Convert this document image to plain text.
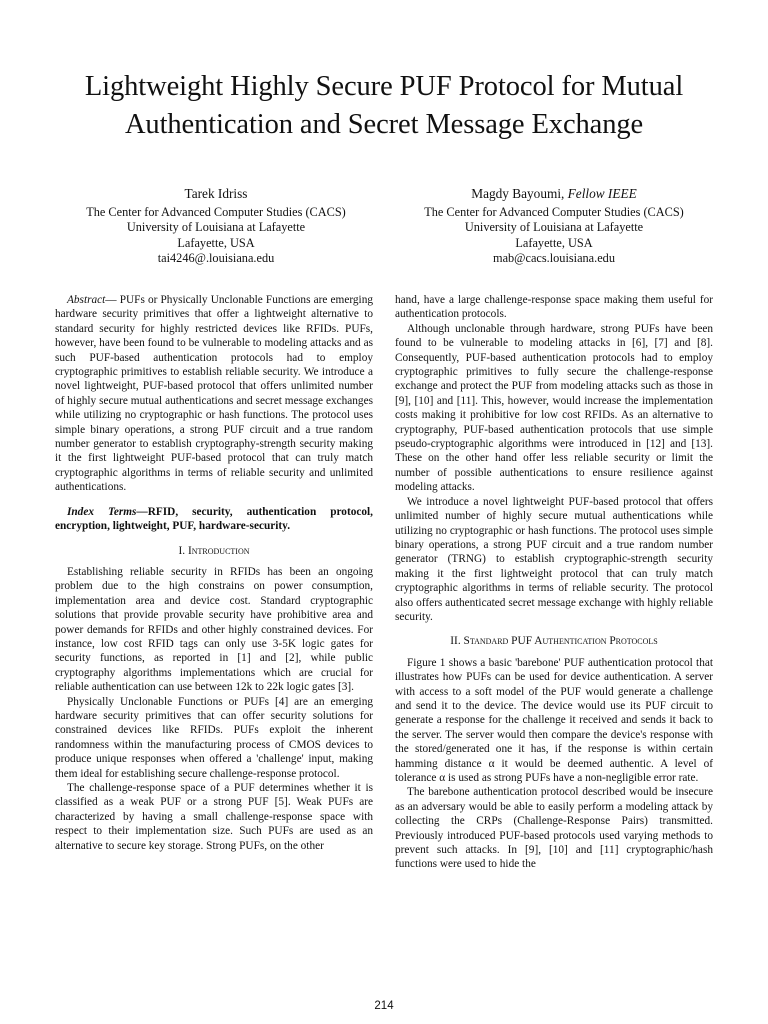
Lightweight Highly Secure PUF Protocol for Mutual
Authentication and Secret Message Exchange
Tarek Idriss
The Center for Advanced Computer Studies (CACS)
University of Louisiana at Lafayette
Lafayette, USA
tai4246@.louisiana.edu
Magdy Bayoumi, Fellow IEEE
The Center for Advanced Computer Studies (CACS)
University of Louisiana at Lafayette
Lafayette, USA
mab@cacs.louisiana.edu

Abstract— PUFs or Physically Unclonable Functions are emerging hardware security primitives that offer a lightweight alternative to standard security for highly restricted devices like RFIDs. PUFs, however, have been found to be vulnerable to modeling attacks and as such PUF-based authentication protocols had to employ cryptographic primitives to establish reliable security. We introduce a novel lightweight, PUF-based protocol that offers unlimited number of highly secure mutual authentications and secret message exchanges while utilizing no cryptographic or hash functions. The protocol uses simple binary operations, a strong PUF circuit and a true random number generator to establish cryptography-strength security making it the first lightweight PUF-based protocol that can truly match cryptographic algorithms in terms of reliable security and unlimited authentications.

Index Terms—RFID, security, authentication protocol, encryption, lightweight, PUF, hardware-security.

I. Introduction

Establishing reliable security in RFIDs has been an ongoing problem due to the high constrains on power consumption, implementation area and device cost. Standard cryptographic solutions that provide provable security have prohibitive area and power demands for RFIDs and other highly constrained devices. For instance, low cost RFID tags can only use 3-5K logic gates for security functions, as reported in [1] and [2], while public cryptography algorithms implementations which are crucial for reliable authentication can use between 12k to 22k logic gates [3].

Physically Unclonable Functions or PUFs [4] are an emerging hardware security primitives that can offer security solutions for constrained devices like RFIDs. PUFs exploit the inherent randomness within the manufacturing process of CMOS devices to produce unique responses when offered a 'challenge' input, making them ideal for establishing secure challenge-response protocol.

The challenge-response space of a PUF determines whether it is classified as a weak PUF or a strong PUF [5]. Weak PUFs are characterized by having a small challenge-response space with respect to their implementation size. Such PUFs are used as an alternative to secure key storage. Strong PUFs, on the other

hand, have a large challenge-response space making them useful for authentication protocols.

Although unclonable through hardware, strong PUFs have been found to be vulnerable to modeling attacks in [6], [7] and [8]. Consequently, PUF-based authentication protocols had to employ cryptographic primitives to fully secure the challenge-response exchange and protect the PUF from modeling attacks such as those in [9], [10] and [11]. This, however, would increase the implementation costs making it prohibitive for low cost RFIDs. As an alternative to cryptography, PUF-based authentication protocols that use simple pseudo-cryptographic algorithms were introduced in [12] and [13]. These on the other hand offer less reliable security or limit the number of possible authentications to ensure resilience against modeling attacks.

We introduce a novel lightweight PUF-based protocol that offers unlimited number of highly secure mutual authentications while utilizing no cryptographic or hash functions. The protocol uses simple binary operations, a strong PUF circuit and a true random number generator (TRNG) to establish cryptographic-strength security making it the first lightweight protocol that can truly match cryptographic algorithms in terms of reliable security. The protocol also offers authenticated secret message exchange with highly reliable security.

II. Standard PUF Authentication Protocols

Figure 1 shows a basic 'barebone' PUF authentication protocol that illustrates how PUFs can be used for device authentication. A server with access to a soft model of the PUF would generate a challenge and send it to the device. The device would use its PUF circuit to generate a response for the challenge it received and sends it back to the server. The server would then compare the device's response with the stored/generated one it has, if the response is within certain hamming distance α it would be deemed authentic. A level of tolerance α is used as strong PUFs have a non-negligible error rate.

The barebone authentication protocol described would be insecure as an adversary would be able to easily perform a modeling attack by collecting the CRPs (Challenge-Response Pairs) transmitted. Previously introduced PUF-based protocols used varying methods to prevent such attacks. In [9], [10] and [11] cryptographic/hash functions were used to hide the

214
